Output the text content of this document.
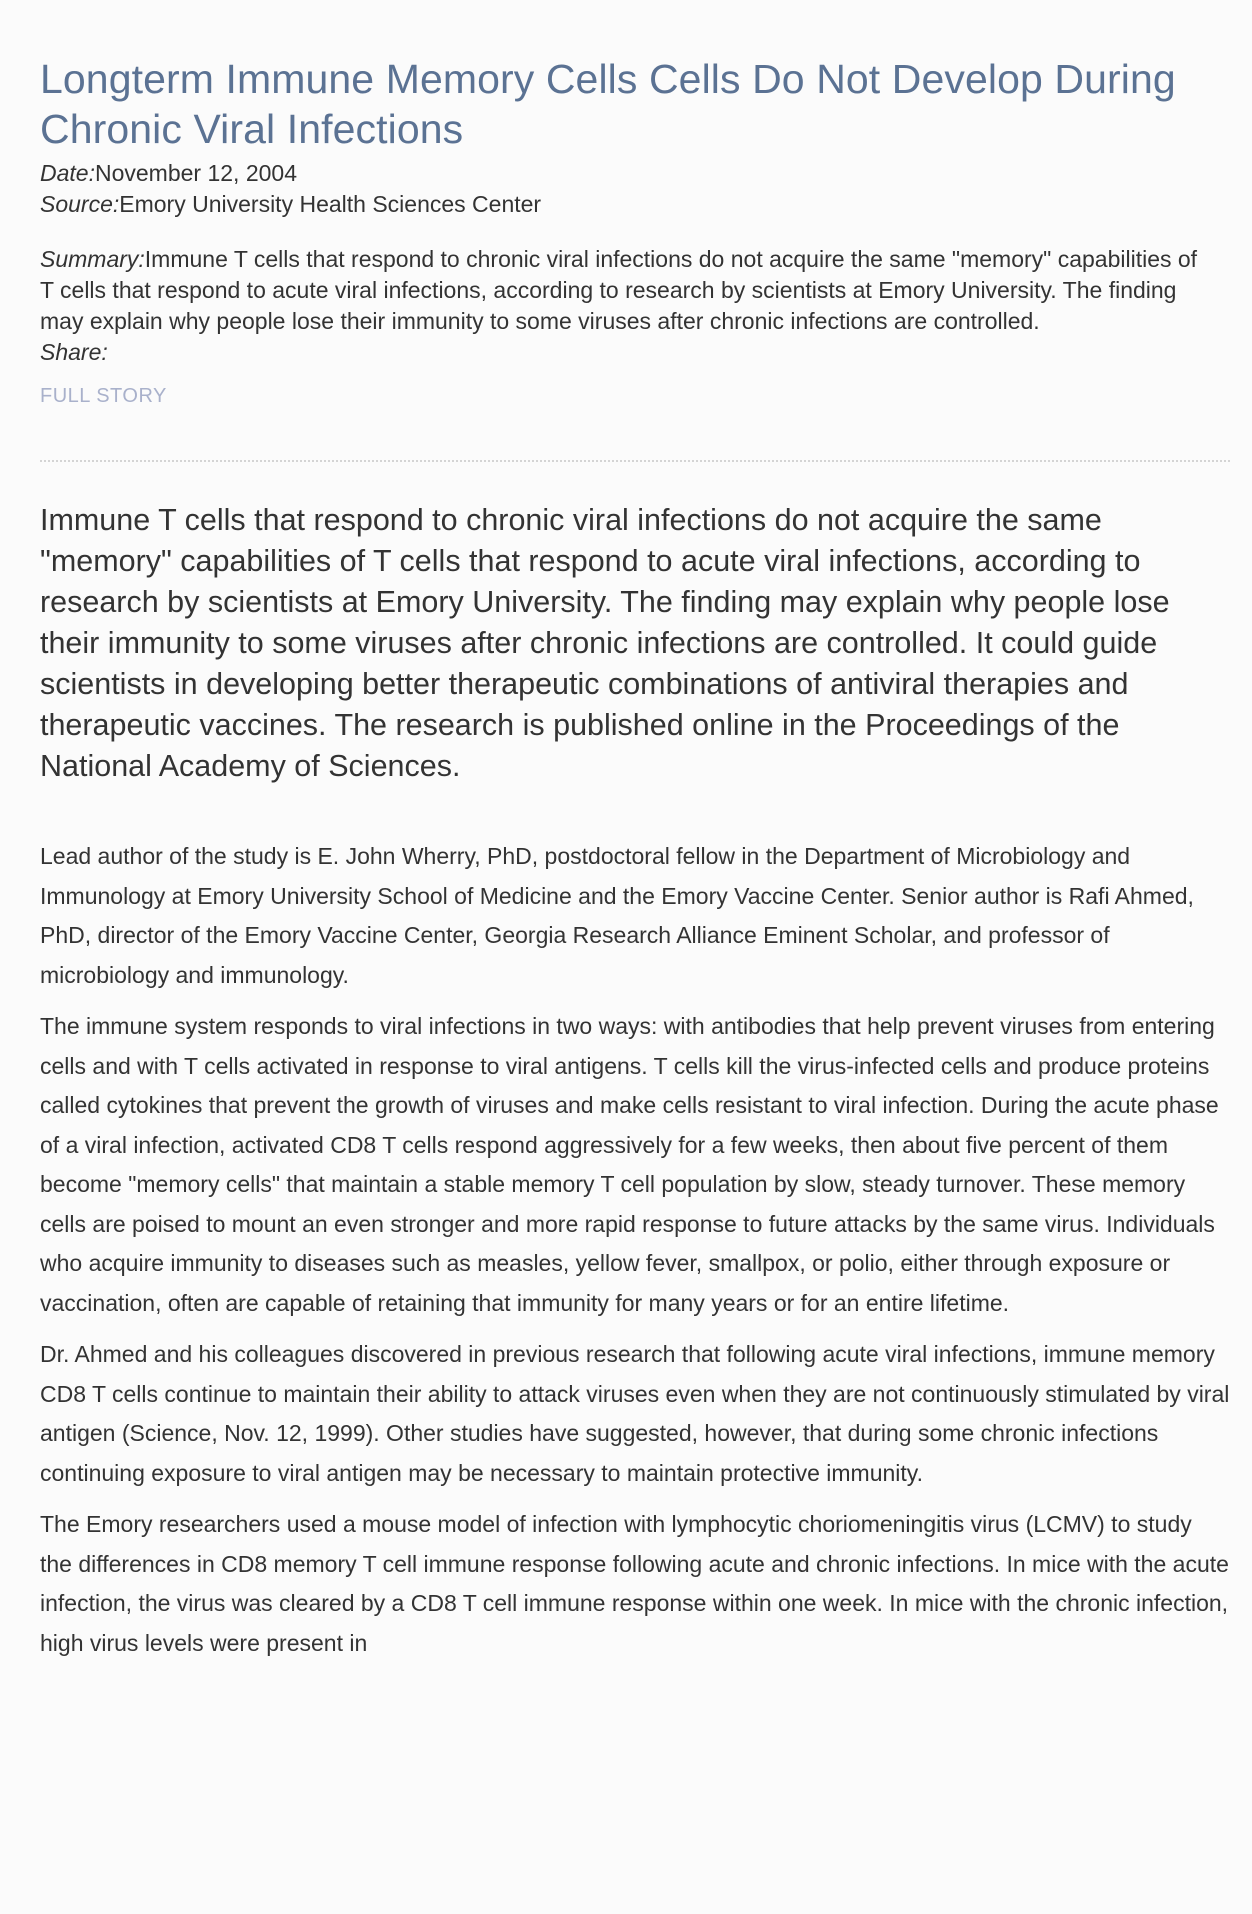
Longterm Immune Memory Cells Cells Do Not Develop During Chronic Viral Infections
Date:November 12, 2004
Source:Emory University Health Sciences Center
Summary:Immune T cells that respond to chronic viral infections do not acquire the same "memory" capabilities of T cells that respond to acute viral infections, according to research by scientists at Emory University. The finding may explain why people lose their immunity to some viruses after chronic infections are controlled.
Share:
FULL STORY
Immune T cells that respond to chronic viral infections do not acquire the same "memory" capabilities of T cells that respond to acute viral infections, according to research by scientists at Emory University. The finding may explain why people lose their immunity to some viruses after chronic infections are controlled. It could guide scientists in developing better therapeutic combinations of antiviral therapies and therapeutic vaccines. The research is published online in the Proceedings of the National Academy of Sciences.

Lead author of the study is E. John Wherry, PhD, postdoctoral fellow in the Department of Microbiology and Immunology at Emory University School of Medicine and the Emory Vaccine Center. Senior author is Rafi Ahmed, PhD, director of the Emory Vaccine Center, Georgia Research Alliance Eminent Scholar, and professor of microbiology and immunology.

The immune system responds to viral infections in two ways: with antibodies that help prevent viruses from entering cells and with T cells activated in response to viral antigens. T cells kill the virus-infected cells and produce proteins called cytokines that prevent the growth of viruses and make cells resistant to viral infection. During the acute phase of a viral infection, activated CD8 T cells respond aggressively for a few weeks, then about five percent of them become "memory cells" that maintain a stable memory T cell population by slow, steady turnover. These memory cells are poised to mount an even stronger and more rapid response to future attacks by the same virus. Individuals who acquire immunity to diseases such as measles, yellow fever, smallpox, or polio, either through exposure or vaccination, often are capable of retaining that immunity for many years or for an entire lifetime.

Dr. Ahmed and his colleagues discovered in previous research that following acute viral infections, immune memory CD8 T cells continue to maintain their ability to attack viruses even when they are not continuously stimulated by viral antigen (Science, Nov. 12, 1999). Other studies have suggested, however, that during some chronic infections continuing exposure to viral antigen may be necessary to maintain protective immunity.

The Emory researchers used a mouse model of infection with lymphocytic choriomeningitis virus (LCMV) to study the differences in CD8 memory T cell immune response following acute and chronic infections. In mice with the acute infection, the virus was cleared by a CD8 T cell immune response within one week. In mice with the chronic infection, high virus levels were present in
